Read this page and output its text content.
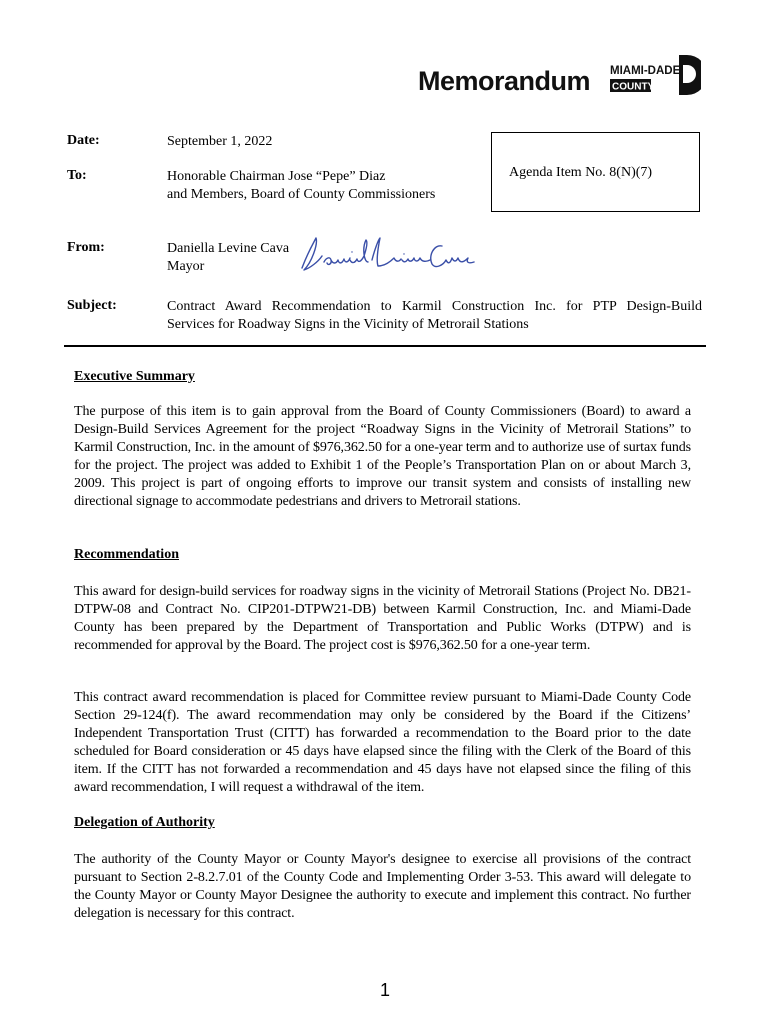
Memorandum MIAMI-DADE
COUNTY
Date:	September 1, 2022
To:	Honorable Chairman Jose “Pepe” Diaz
and Members, Board of County Commissioners
Agenda Item No. 8(N)(7)
From:	Daniella Levine Cava
Mayor
Subject:	Contract Award Recommendation to Karmil Construction Inc. for PTP Design-Build
Services for Roadway Signs in the Vicinity of Metrorail Stations
Executive Summary
The purpose of this item is to gain approval from the Board of County Commissioners (Board) to award a Design-Build Services Agreement for the project “Roadway Signs in the Vicinity of Metrorail Stations” to Karmil Construction, Inc. in the amount of $976,362.50 for a one-year term and to authorize use of surtax funds for the project. The project was added to Exhibit 1 of the People’s Transportation Plan on or about March 3, 2009. This project is part of ongoing efforts to improve our transit system and consists of installing new directional signage to accommodate pedestrians and drivers to Metrorail stations.
Recommendation
This award for design-build services for roadway signs in the vicinity of Metrorail Stations (Project No. DB21-DTPW-08 and Contract No. CIP201-DTPW21-DB) between Karmil Construction, Inc. and Miami-Dade County has been prepared by the Department of Transportation and Public Works (DTPW) and is recommended for approval by the Board. The project cost is $976,362.50 for a one-year term.
This contract award recommendation is placed for Committee review pursuant to Miami-Dade County Code Section 29-124(f). The award recommendation may only be considered by the Board if the Citizens’ Independent Transportation Trust (CITT) has forwarded a recommendation to the Board prior to the date scheduled for Board consideration or 45 days have elapsed since the filing with the Clerk of the Board of this item. If the CITT has not forwarded a recommendation and 45 days have not elapsed since the filing of this award recommendation, I will request a withdrawal of the item.
Delegation of Authority
The authority of the County Mayor or County Mayor's designee to exercise all provisions of the contract pursuant to Section 2-8.2.7.01 of the County Code and Implementing Order 3-53. This award will delegate to the County Mayor or County Mayor Designee the authority to execute and implement this contract. No further delegation is necessary for this contract.
1
